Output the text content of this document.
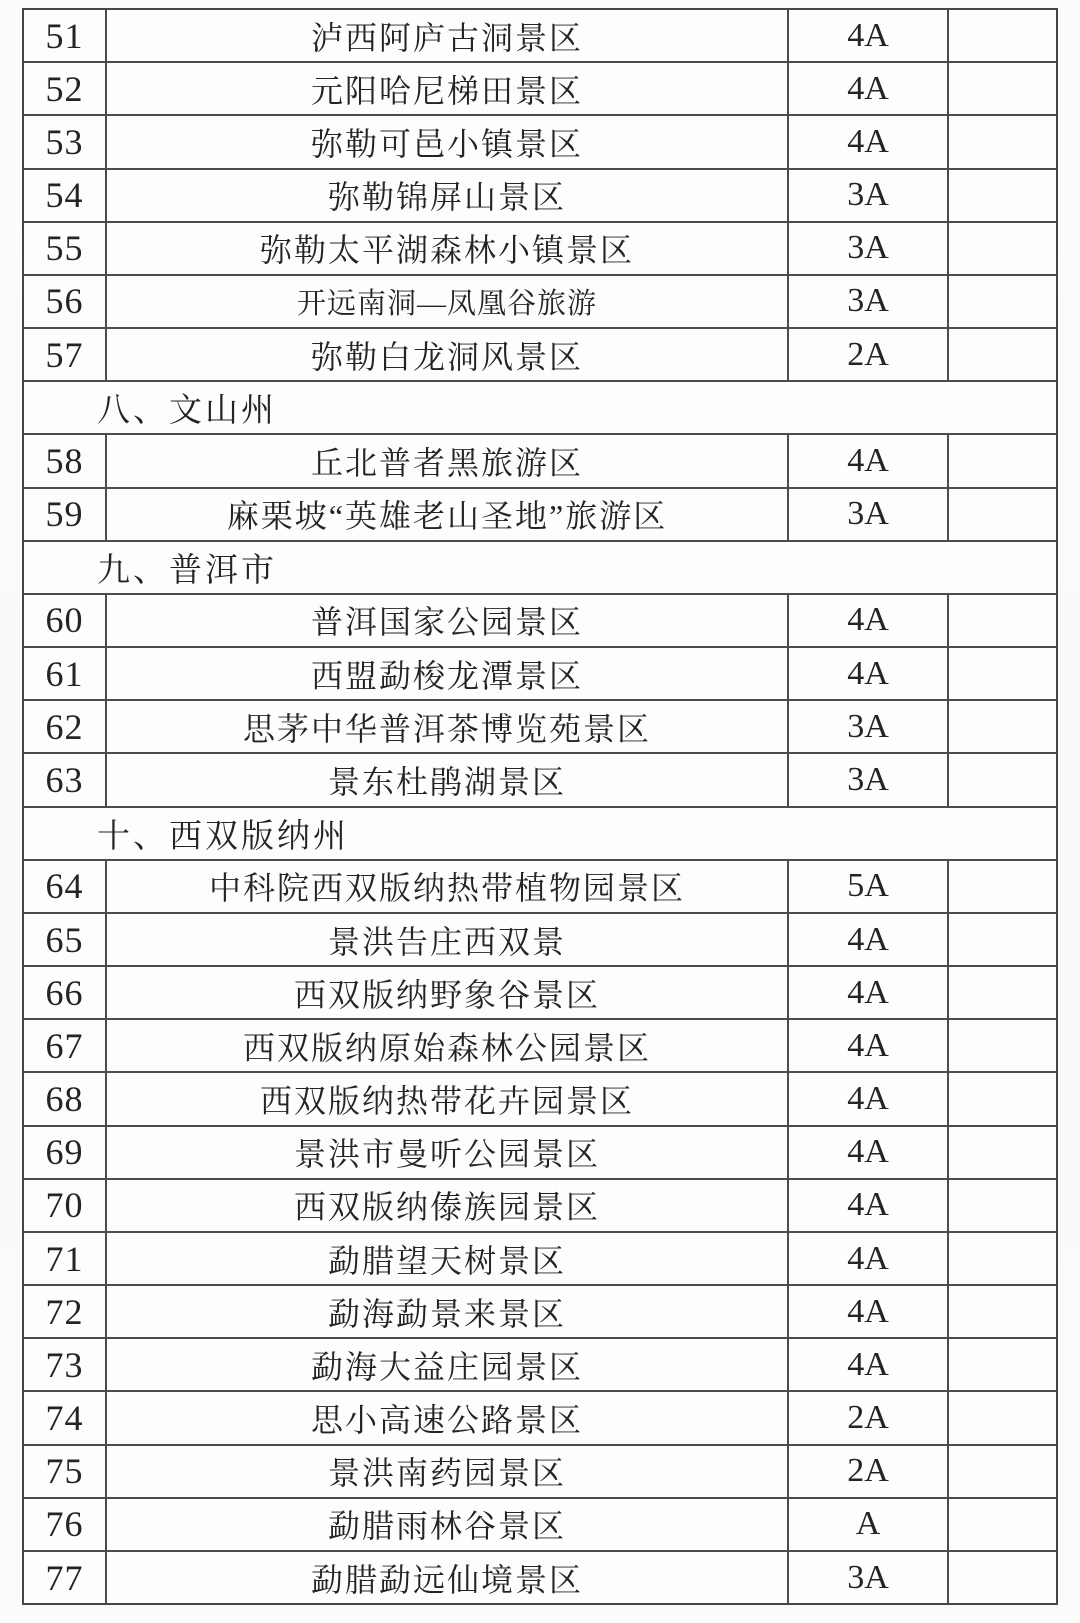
51	泸西阿庐古洞景区	4A
52	元阳哈尼梯田景区	4A
53	弥勒可邑小镇景区	4A
54	弥勒锦屏山景区	3A
55	弥勒太平湖森林小镇景区	3A
56	开远南洞—凤凰谷旅游	3A
57	弥勒白龙洞风景区	2A
八、文山州
58	丘北普者黑旅游区	4A
59	麻栗坡“英雄老山圣地”旅游区	3A
九、普洱市
60	普洱国家公园景区	4A
61	西盟勐梭龙潭景区	4A
62	思茅中华普洱茶博览苑景区	3A
63	景东杜鹃湖景区	3A
十、西双版纳州
64	中科院西双版纳热带植物园景区	5A
65	景洪告庄西双景	4A
66	西双版纳野象谷景区	4A
67	西双版纳原始森林公园景区	4A
68	西双版纳热带花卉园景区	4A
69	景洪市曼听公园景区	4A
70	西双版纳傣族园景区	4A
71	勐腊望天树景区	4A
72	勐海勐景来景区	4A
73	勐海大益庄园景区	4A
74	思小高速公路景区	2A
75	景洪南药园景区	2A
76	勐腊雨林谷景区	A
77	勐腊勐远仙境景区	3A
